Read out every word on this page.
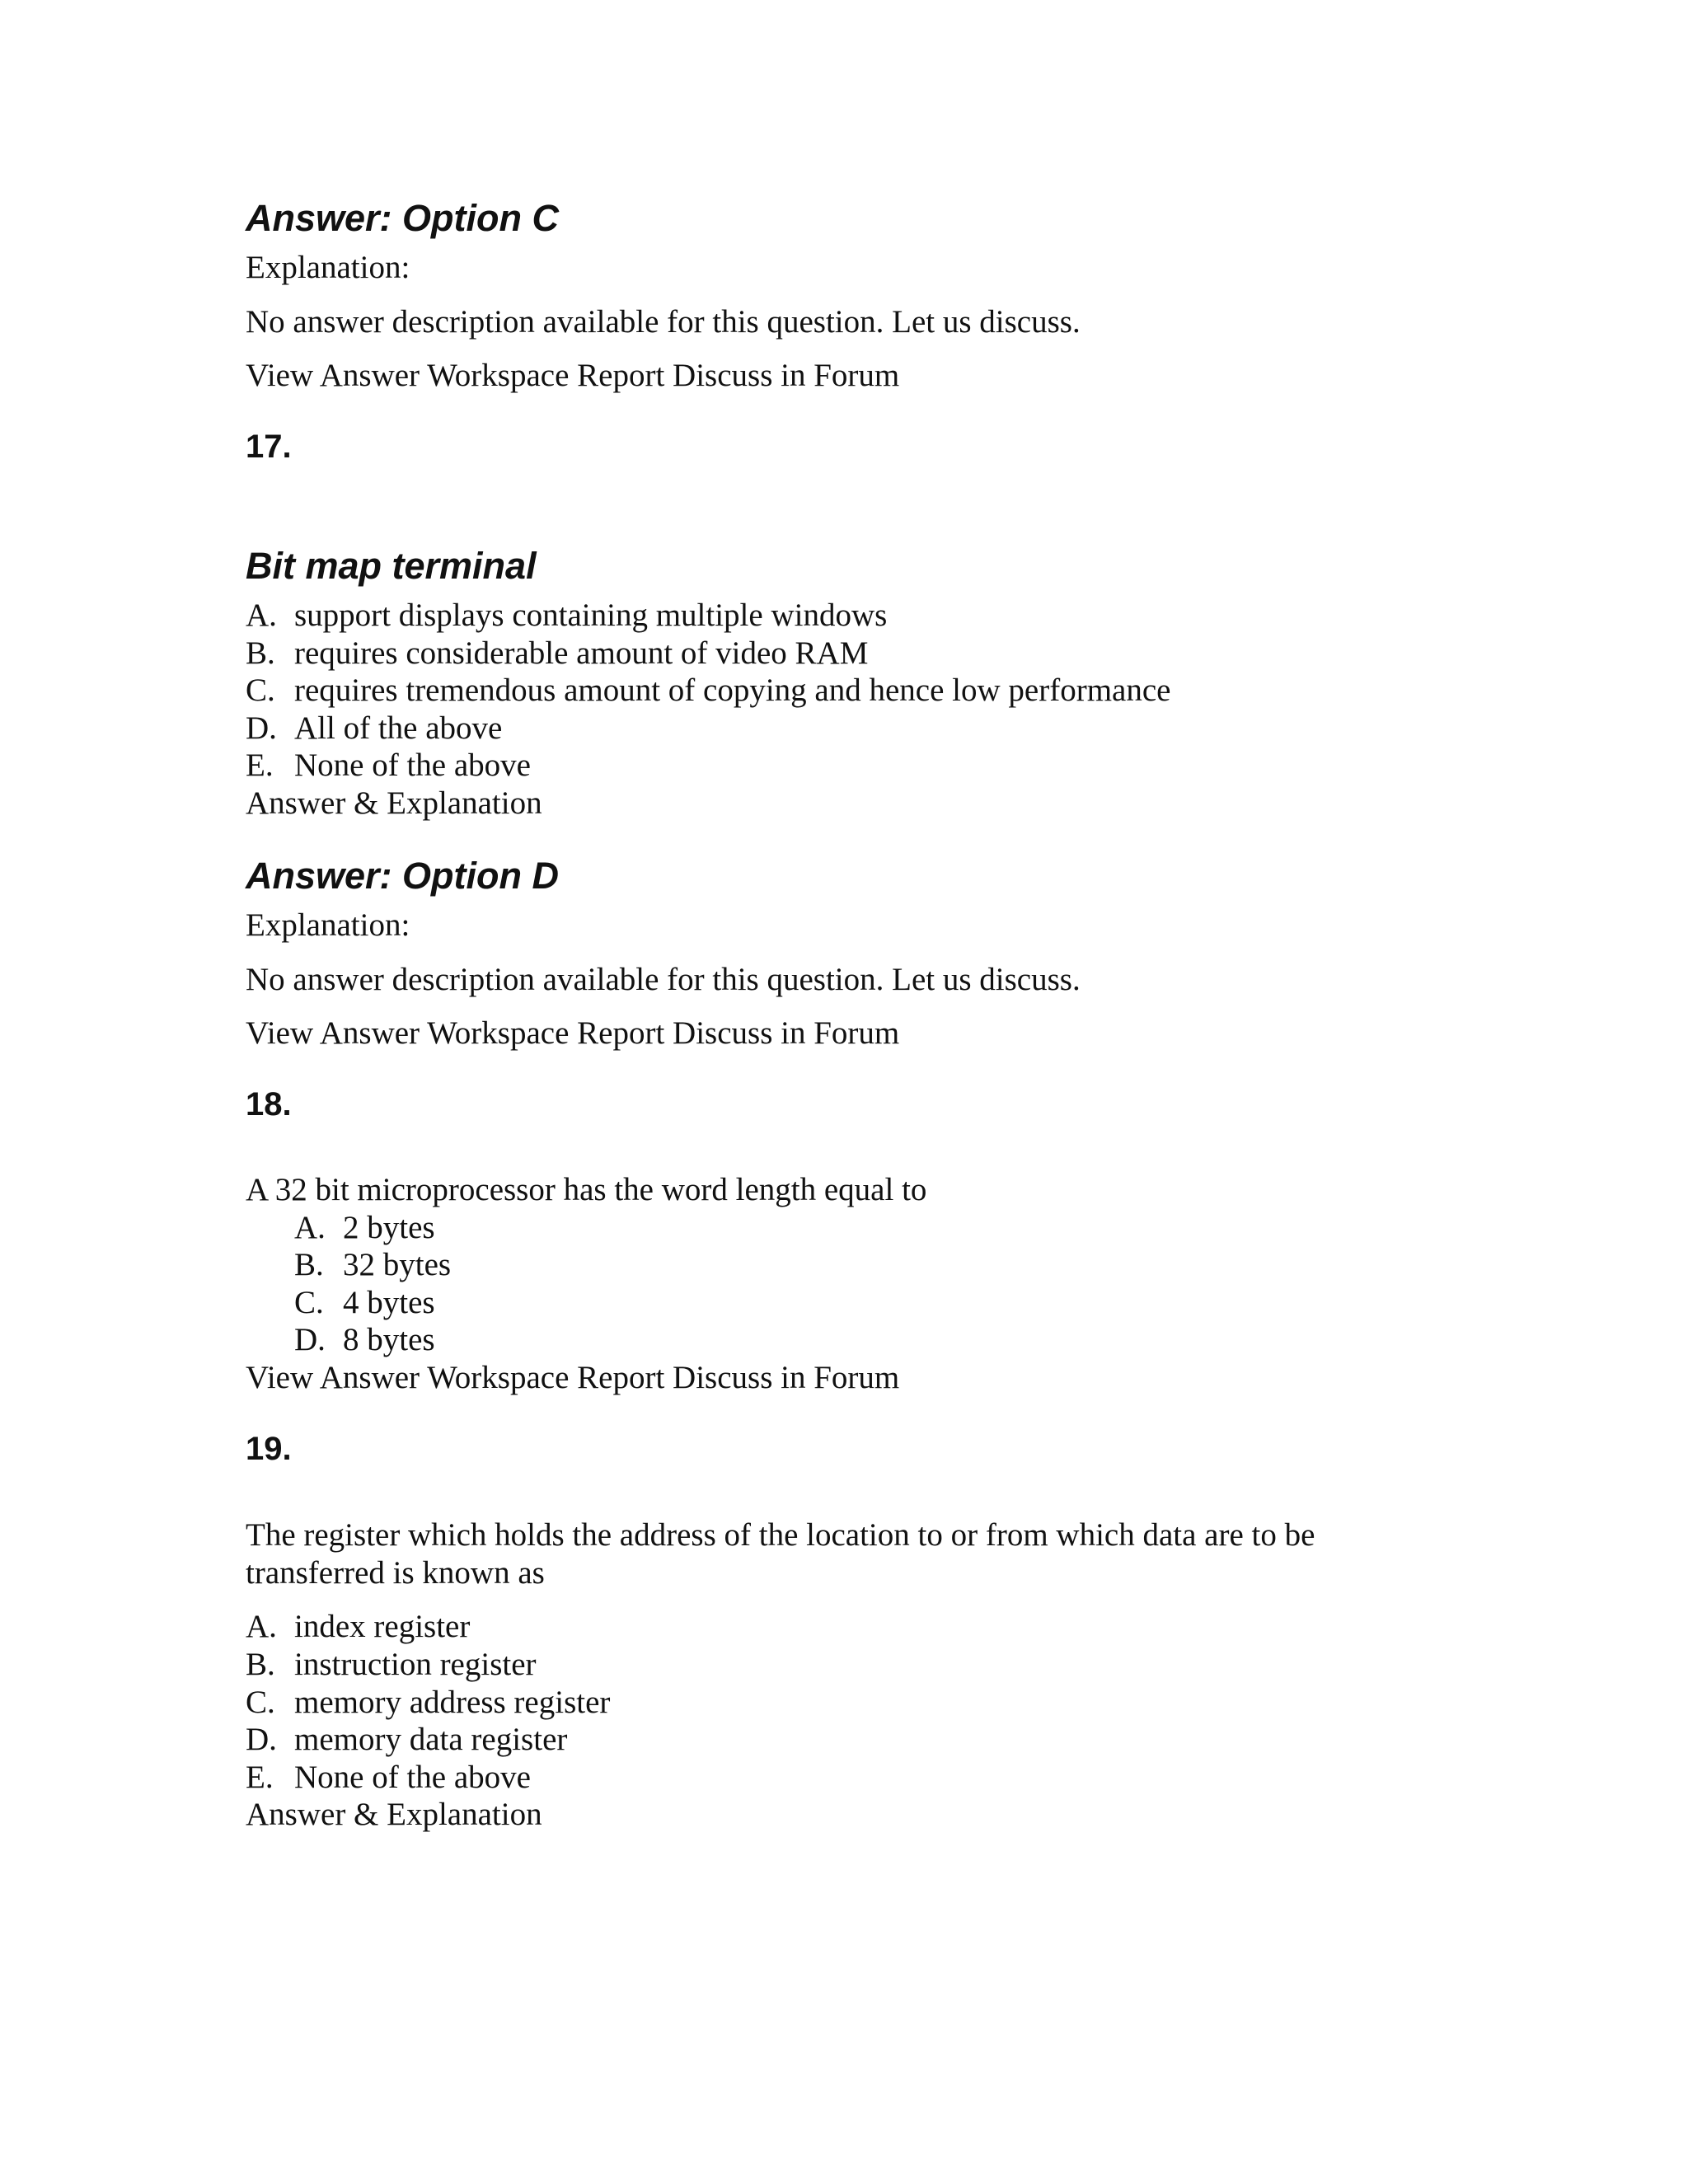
Answer: Option C
Explanation:
No answer description available for this question. Let us discuss.
View Answer Workspace Report Discuss in Forum
17.
Bit map terminal
A. support displays containing multiple windows
B. requires considerable amount of video RAM
C. requires tremendous amount of copying and hence low performance
D. All of the above
E. None of the above
Answer & Explanation
Answer: Option D
Explanation:
No answer description available for this question. Let us discuss.
View Answer Workspace Report Discuss in Forum
18.
A 32 bit microprocessor has the word length equal to
A. 2 bytes
B. 32 bytes
C. 4 bytes
D. 8 bytes
View Answer Workspace Report Discuss in Forum
19.
The register which holds the address of the location to or from which data are to be
transferred is known as
A. index register
B. instruction register
C. memory address register
D. memory data register
E. None of the above
Answer & Explanation
